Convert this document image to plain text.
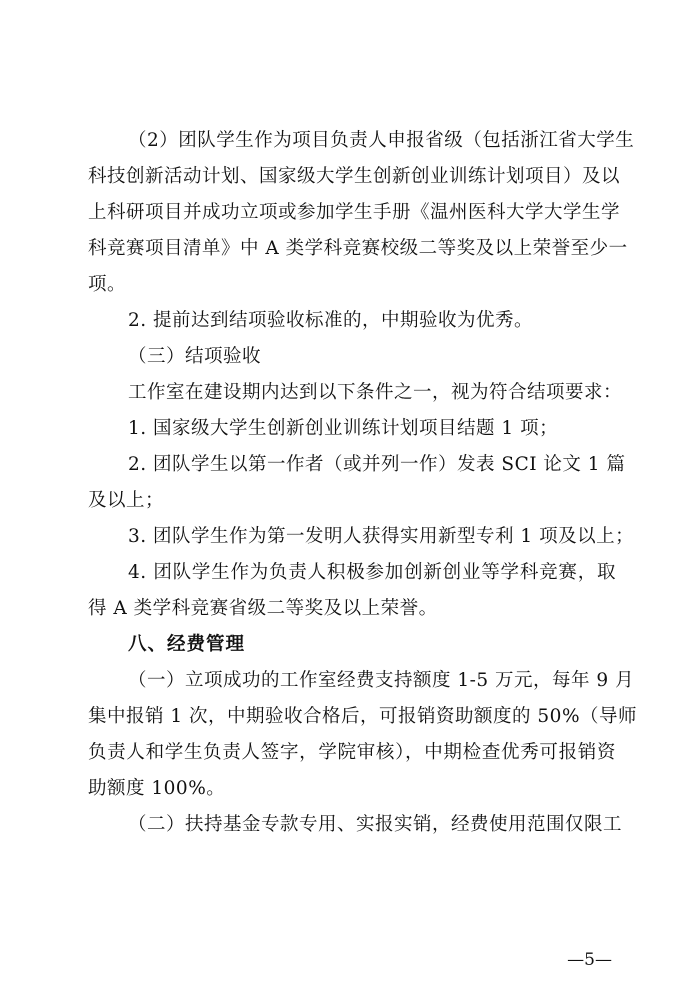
（2）团队学生作为项目负责人申报省级（包括浙江省大学生
科技创新活动计划、国家级大学生创新创业训练计划项目）及以
上科研项目并成功立项或参加学生手册《温州医科大学大学生学
科竞赛项目清单》中 A 类学科竞赛校级二等奖及以上荣誉至少一
项。
2. 提前达到结项验收标准的，中期验收为优秀。
（三）结项验收
工作室在建设期内达到以下条件之一，视为符合结项要求：
1. 国家级大学生创新创业训练计划项目结题 1 项；
2. 团队学生以第一作者（或并列一作）发表 SCI 论文 1 篇
及以上；
3. 团队学生作为第一发明人获得实用新型专利 1 项及以上；
4. 团队学生作为负责人积极参加创新创业等学科竞赛，取
得 A 类学科竞赛省级二等奖及以上荣誉。
八、经费管理
（一）立项成功的工作室经费支持额度 1-5 万元，每年 9 月
集中报销 1 次，中期验收合格后，可报销资助额度的 50%（导师
负责人和学生负责人签字，学院审核），中期检查优秀可报销资
助额度 100%。
（二）扶持基金专款专用、实报实销，经费使用范围仅限工
—5—
